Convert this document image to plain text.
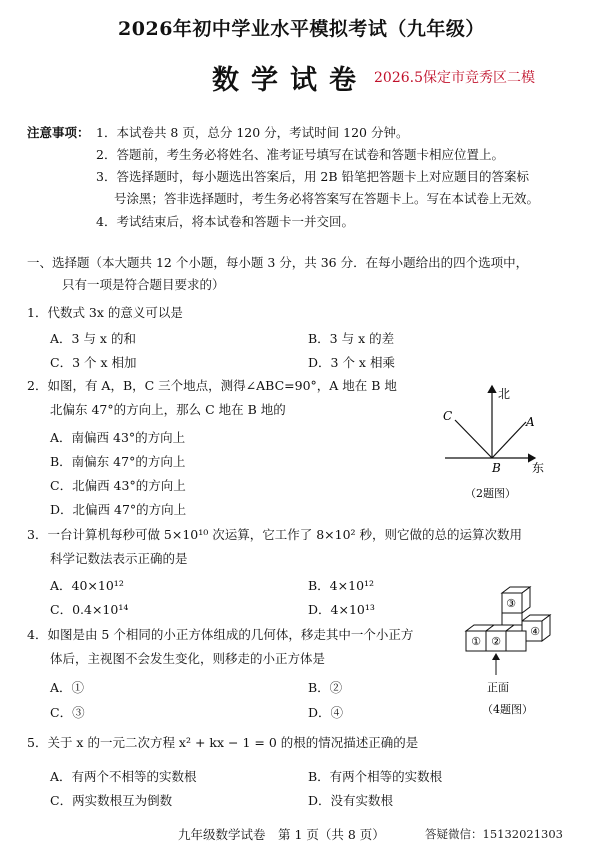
2026年初中学业水平模拟考试（九年级）
数学试卷 2026.5保定市竞秀区二模
注意事项： 1．本试卷共 8 页，总分 120 分，考试时间 120 分钟。
2．答题前，考生务必将姓名、准考证号填写在试卷和答题卡相应位置上。
3．答选择题时，每小题选出答案后，用 2B 铅笔把答题卡上对应题目的答案标
号涂黑；答非选择题时，考生务必将答案写在答题卡上。写在本试卷上无效。
4．考试结束后，将本试卷和答题卡一并交回。
一、选择题（本大题共 12 个小题，每小题 3 分，共 36 分．在每小题给出的四个选项中，
只有一项是符合题目要求的）
1．代数式 3x 的意义可以是
A．3 与 x 的和	B．3 与 x 的差
C．3 个 x 相加	D．3 个 x 相乘
2．如图，有 A，B，C 三个地点，测得∠ABC=90°，A 地在 B 地
北偏东 47°的方向上，那么 C 地在 B 地的
A．南偏西 43°的方向上
B．南偏东 47°的方向上
C．北偏西 43°的方向上
D．北偏西 47°的方向上
北
东
A
B
C
（2题图）
3．一台计算机每秒可做 5×10¹⁰ 次运算，它工作了 8×10² 秒，则它做的总的运算次数用
科学记数法表示正确的是
A．40×10¹²	B．4×10¹²
C．0.4×10¹⁴	D．4×10¹³
4．如图是由 5 个相同的小正方体组成的几何体，移走其中一个小正方
体后，主视图不会发生变化，则移走的小正方体是
A．①	B．②
C．③	D．④
③
④
① ②
正面
（4题图）
5．关于 x 的一元二次方程 x² + kx − 1 = 0 的根的情况描述正确的是
A．有两个不相等的实数根	B．有两个相等的实数根
C．两实数根互为倒数	D．没有实数根
九年级数学试卷　第 1 页（共 8 页）	答疑微信：15132021303
